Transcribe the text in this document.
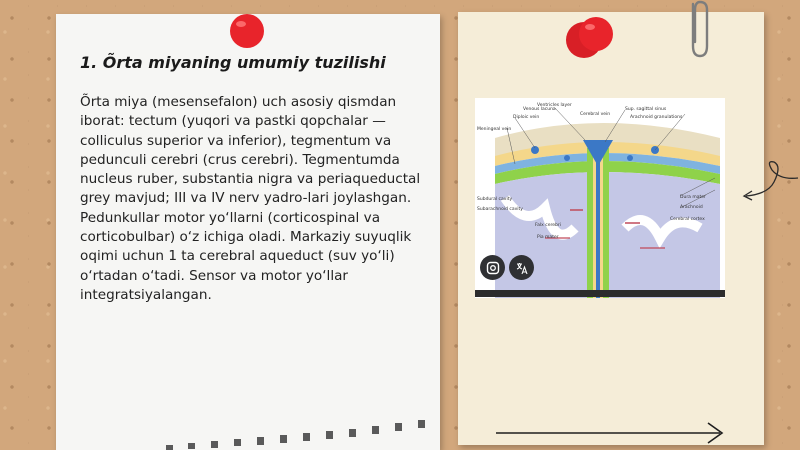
1. Õrta miyaning umumiy tuzilishi

Õrta miya (mesensefalon) uch asosiy qismdan iborat: tectum (yuqori va pastki qopchalar — colliculus superior va inferior), tegmentum va pedunculi cerebri (crus cerebri). Tegmentumda nucleus ruber, substantia nigra va periaqueductal grey mavjud; III va IV nerv yadro-lari joylashgan. Pedunkullar motor yo‘llarni (corticospinal va corticobulbar) o‘z ichiga oladi. Markaziy suyuqlik oqimi uchun 1 ta cerebral aqueduct (suv yo‘li) o‘rtadan o‘tadi. Sensor va motor yo‘llar integratsiyalangan.

Ventricles layer
Sup. sagittal sinus
Arachnoid granulations
Venous lacuna
Diploic vein
Meningeal vein
Cerebral vein
Dura mater
Arachnoid
Cerebral cortex
Subdural cavity
Subarachnoid cavity
Falx cerebri
Pia mater
